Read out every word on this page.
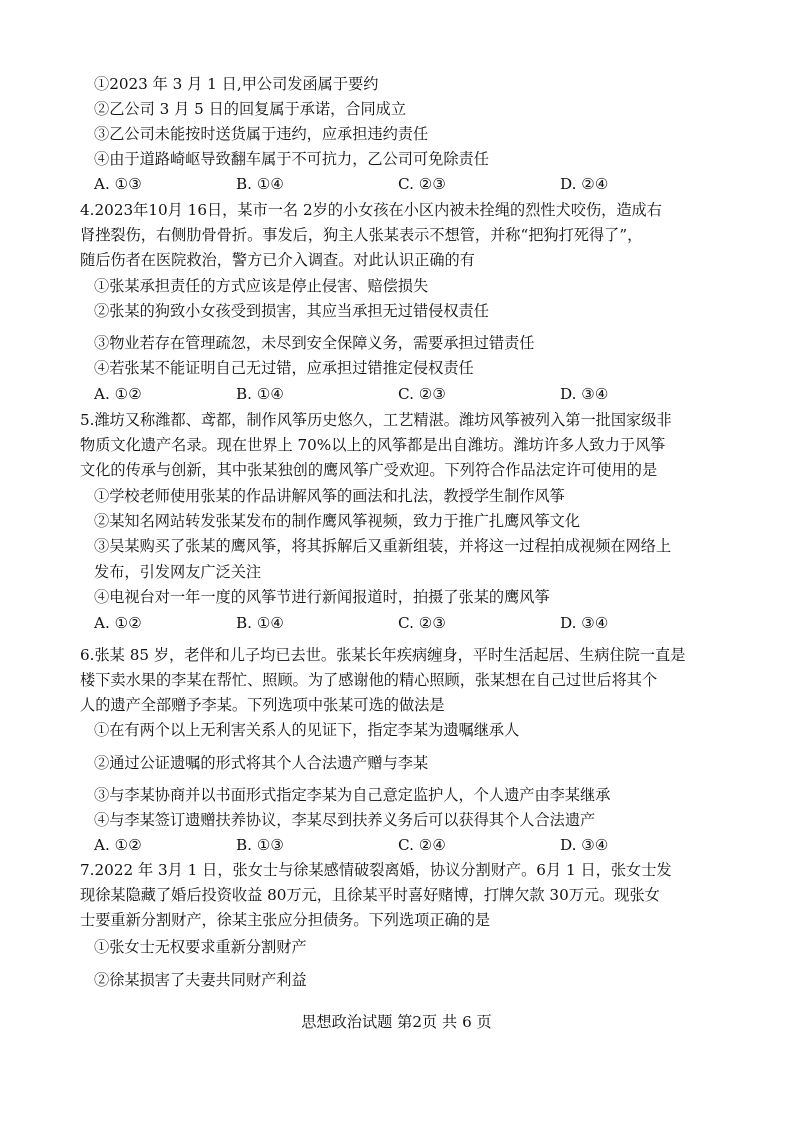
①2023 年 3 月 1 日,甲公司发函属于要约
②乙公司 3 月 5 日的回复属于承诺，合同成立
③乙公司未能按时送货属于违约，应承担违约责任
④由于道路崎岖导致翻车属于不可抗力，乙公司可免除责任
A. ①③	B. ①④	C. ②③	D. ②④
4.2023年10月 16日，某市一名 2岁的小女孩在小区内被未拴绳的烈性犬咬伤，造成右
肾挫裂伤，右侧肋骨骨折。事发后，狗主人张某表示不想管，并称“把狗打死得了”，
随后伤者在医院救治，警方已介入调查。对此认识正确的有
①张某承担责任的方式应该是停止侵害、赔偿损失
②张某的狗致小女孩受到损害，其应当承担无过错侵权责任
③物业若存在管理疏忽，未尽到安全保障义务，需要承担过错责任
④若张某不能证明自己无过错，应承担过错推定侵权责任
A. ①②	B. ①④	C. ②③	D. ③④
5.潍坊又称潍都、鸢都，制作风筝历史悠久，工艺精湛。潍坊风筝被列入第一批国家级非
物质文化遗产名录。现在世界上 70%以上的风筝都是出自潍坊。潍坊许多人致力于风筝
文化的传承与创新，其中张某独创的鹰风筝广受欢迎。下列符合作品法定许可使用的是
①学校老师使用张某的作品讲解风筝的画法和扎法，教授学生制作风筝
②某知名网站转发张某发布的制作鹰风筝视频，致力于推广扎鹰风筝文化
③吴某购买了张某的鹰风筝，将其拆解后又重新组装，并将这一过程拍成视频在网络上
发布，引发网友广泛关注
④电视台对一年一度的风筝节进行新闻报道时，拍摄了张某的鹰风筝
A. ①②	B. ①④	C. ②③	D. ③④
6.张某 85 岁，老伴和儿子均已去世。张某长年疾病缠身，平时生活起居、生病住院一直是
楼下卖水果的李某在帮忙、照顾。为了感谢他的精心照顾，张某想在自己过世后将其个
人的遗产全部赠予李某。下列选项中张某可选的做法是
①在有两个以上无利害关系人的见证下，指定李某为遗嘱继承人
②通过公证遗嘱的形式将其个人合法遗产赠与李某
③与李某协商并以书面形式指定李某为自己意定监护人，个人遗产由李某继承
④与李某签订遗赠扶养协议，李某尽到扶养义务后可以获得其个人合法遗产
A. ①②	B. ①③	C. ②④	D. ③④
7.2022 年 3月 1 日，张女士与徐某感情破裂离婚，协议分割财产。6月 1 日，张女士发
现徐某隐藏了婚后投资收益 80万元，且徐某平时喜好赌博，打牌欠款 30万元。现张女
士要重新分割财产，徐某主张应分担债务。下列选项正确的是
①张女士无权要求重新分割财产
②徐某损害了夫妻共同财产利益
思想政治试题 第2页 共 6 页
